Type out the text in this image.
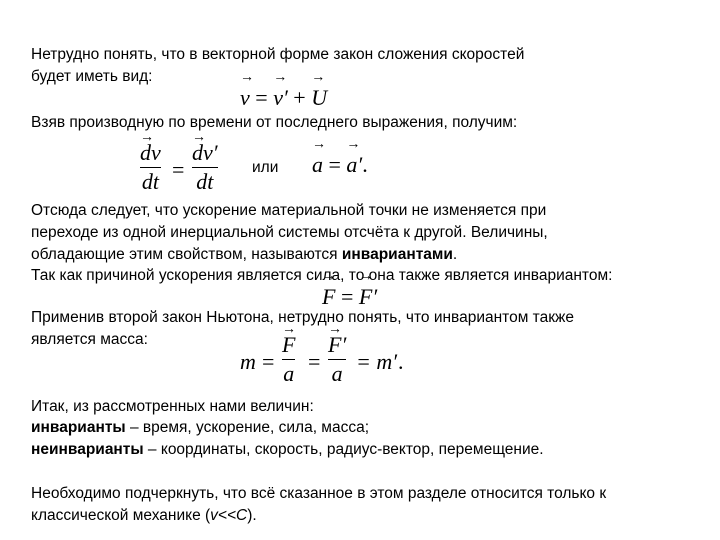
Нетрудно понять, что в векторной форме закон сложения скоростей
будет иметь вид:
→ v = → v′ + → U
Взяв производную по времени от последнего выражения, получим:
→ dv
dt =
→ dv′
dt
или
→ a = → a′.
Отсюда следует, что ускорение материальной точки не изменяется при
переходе из одной инерциальной системы отсчёта к другой. Величины,
обладающие этим свойством, называются инвариантами.
Так как причиной ускорения является сила, то она также является инвариантом:
→ F = → F′
Применив второй закон Ньютона, нетрудно понять, что инвариантом также
является масса:
m =
→ F
a =
→ F′
a = m′ .
Итак, из рассмотренных нами величин:
инварианты – время, ускорение, сила, масса;
неинварианты – координаты, скорость, радиус-вектор, перемещение.
Необходимо подчеркнуть, что всё сказанное в этом разделе относится только к
классической механике (v<<C).
